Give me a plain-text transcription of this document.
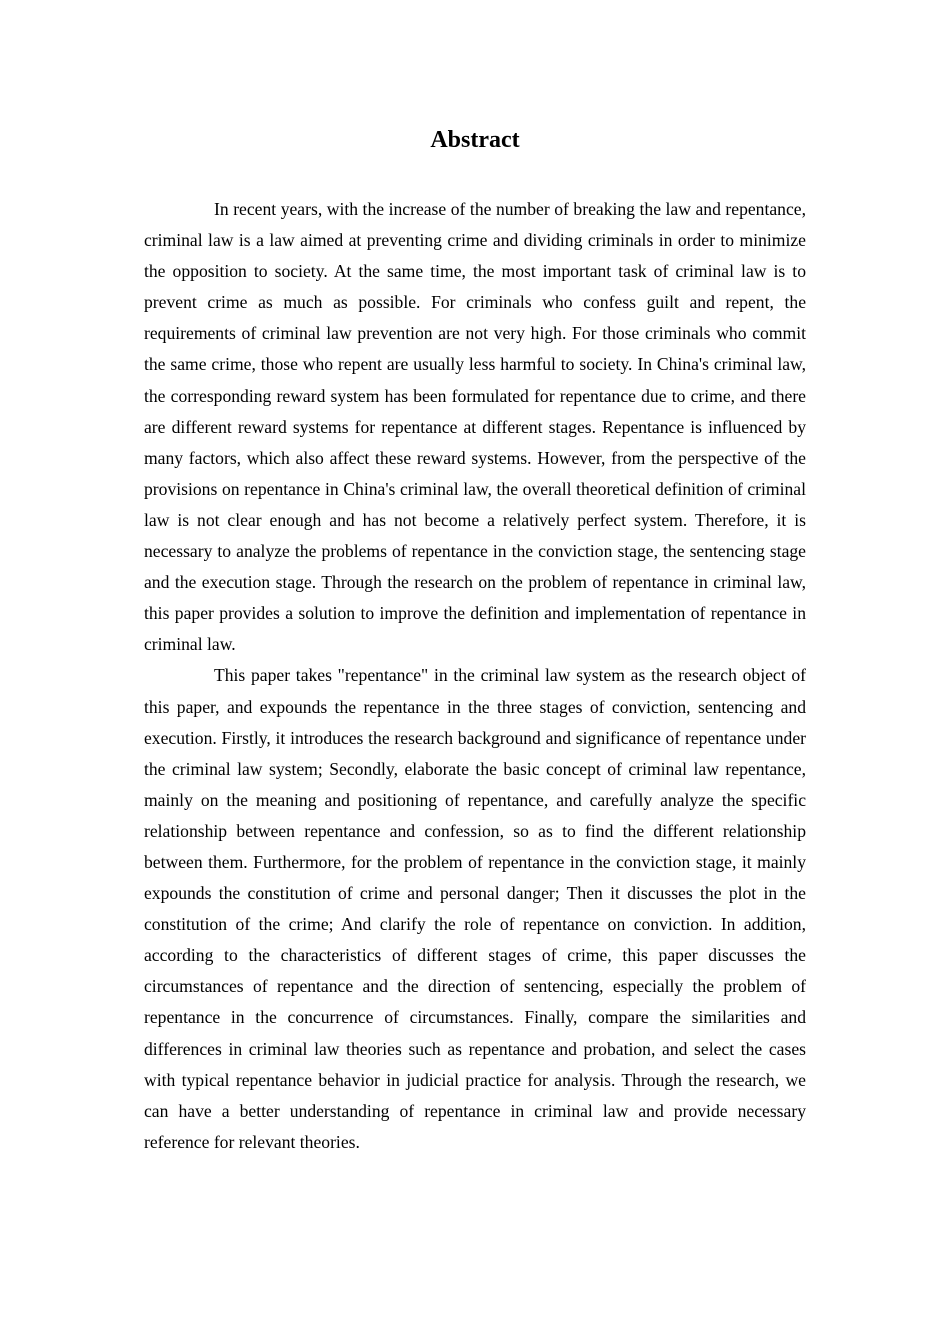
Abstract

In recent years, with the increase of the number of breaking the law and repentance, criminal law is a law aimed at preventing crime and dividing criminals in order to minimize the opposition to society. At the same time, the most important task of criminal law is to prevent crime as much as possible. For criminals who confess guilt and repent, the requirements of criminal law prevention are not very high. For those criminals who commit the same crime, those who repent are usually less harmful to society. In China's criminal law, the corresponding reward system has been formulated for repentance due to crime, and there are different reward systems for repentance at different stages. Repentance is influenced by many factors, which also affect these reward systems. However, from the perspective of the provisions on repentance in China's criminal law, the overall theoretical definition of criminal law is not clear enough and has not become a relatively perfect system. Therefore, it is necessary to analyze the problems of repentance in the conviction stage, the sentencing stage and the execution stage. Through the research on the problem of repentance in criminal law, this paper provides a solution to improve the definition and implementation of repentance in criminal law.

This paper takes "repentance" in the criminal law system as the research object of this paper, and expounds the repentance in the three stages of conviction, sentencing and execution. Firstly, it introduces the research background and significance of repentance under the criminal law system; Secondly, elaborate the basic concept of criminal law repentance, mainly on the meaning and positioning of repentance, and carefully analyze the specific relationship between repentance and confession, so as to find the different relationship between them. Furthermore, for the problem of repentance in the conviction stage, it mainly expounds the constitution of crime and personal danger; Then it discusses the plot in the constitution of the crime; And clarify the role of repentance on conviction. In addition, according to the characteristics of different stages of crime, this paper discusses the circumstances of repentance and the direction of sentencing, especially the problem of repentance in the concurrence of circumstances. Finally, compare the similarities and differences in criminal law theories such as repentance and probation, and select the cases with typical repentance behavior in judicial practice for analysis. Through the research, we can have a better understanding of repentance in criminal law and provide necessary reference for relevant theories.
